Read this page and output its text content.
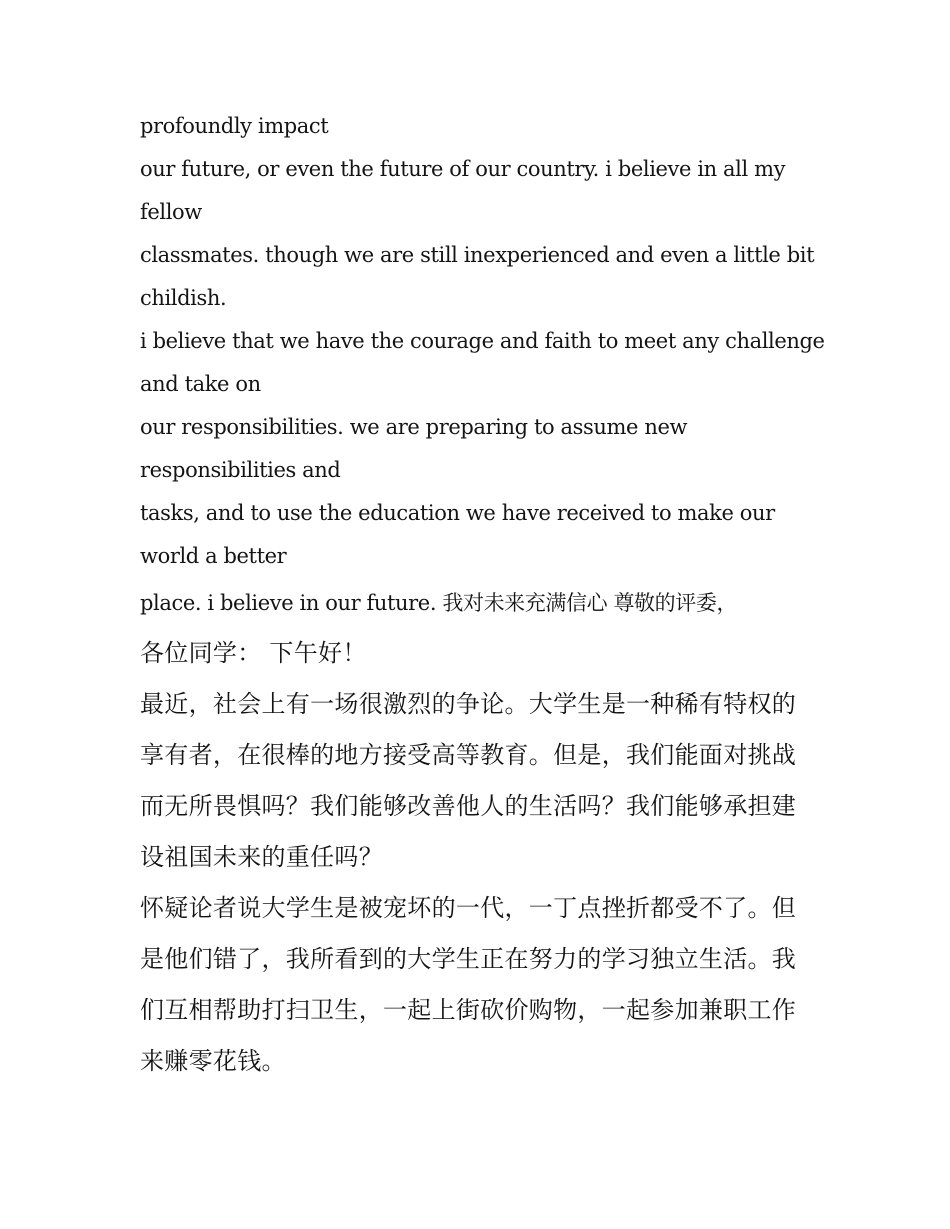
profoundly impact
our future, or even the future of our country. i believe in all my
fellow
classmates. though we are still inexperienced and even a little bit
childish.
i believe that we have the courage and faith to meet any challenge
and take on
our responsibilities. we are preparing to assume new
responsibilities and
tasks, and to use the education we have received to make our
world a better
place. i believe in our future. 我对未来充满信心 尊敬的评委，
各位同学： 下午好！
最近，社会上有一场很激烈的争论。大学生是一种稀有特权的
享有者，在很棒的地方接受高等教育。但是，我们能面对挑战
而无所畏惧吗？我们能够改善他人的生活吗？我们能够承担建
设祖国未来的重任吗？
怀疑论者说大学生是被宠坏的一代，一丁点挫折都受不了。但
是他们错了，我所看到的大学生正在努力的学习独立生活。我
们互相帮助打扫卫生，一起上街砍价购物，一起参加兼职工作
来赚零花钱。
